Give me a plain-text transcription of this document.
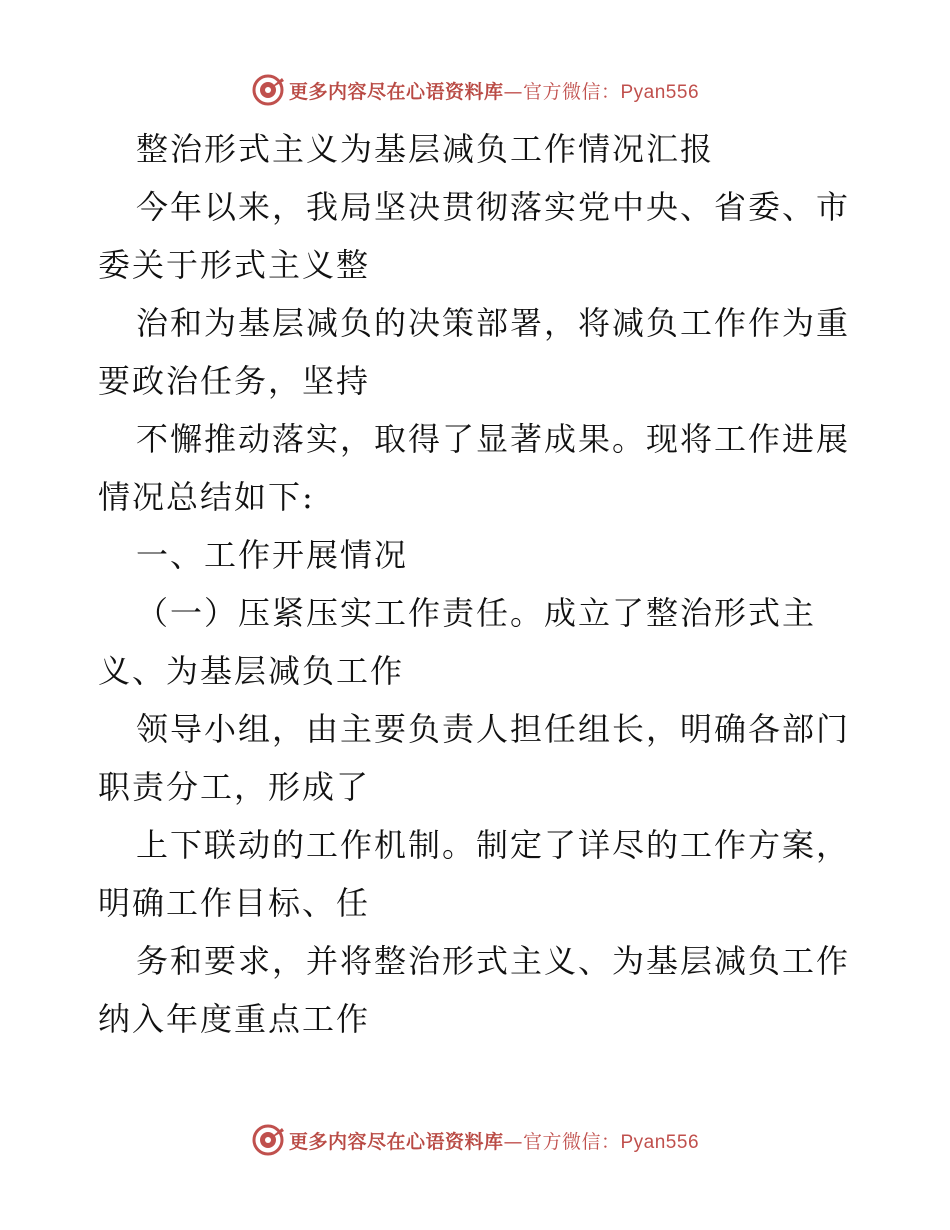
更多内容尽在心语资料库—官方微信：Pyan556
整治形式主义为基层减负工作情况汇报
今年以来，我局坚决贯彻落实党中央、省委、市
委关于形式主义整
治和为基层减负的决策部署，将减负工作作为重
要政治任务，坚持
不懈推动落实，取得了显著成果。现将工作进展
情况总结如下:
一、工作开展情况
（一）压紧压实工作责任。成立了整治形式主
义、为基层减负工作
领导小组，由主要负责人担任组长，明确各部门
职责分工，形成了
上下联动的工作机制。制定了详尽的工作方案，
明确工作目标、任
务和要求，并将整治形式主义、为基层减负工作
纳入年度重点工作
更多内容尽在心语资料库—官方微信：Pyan556
